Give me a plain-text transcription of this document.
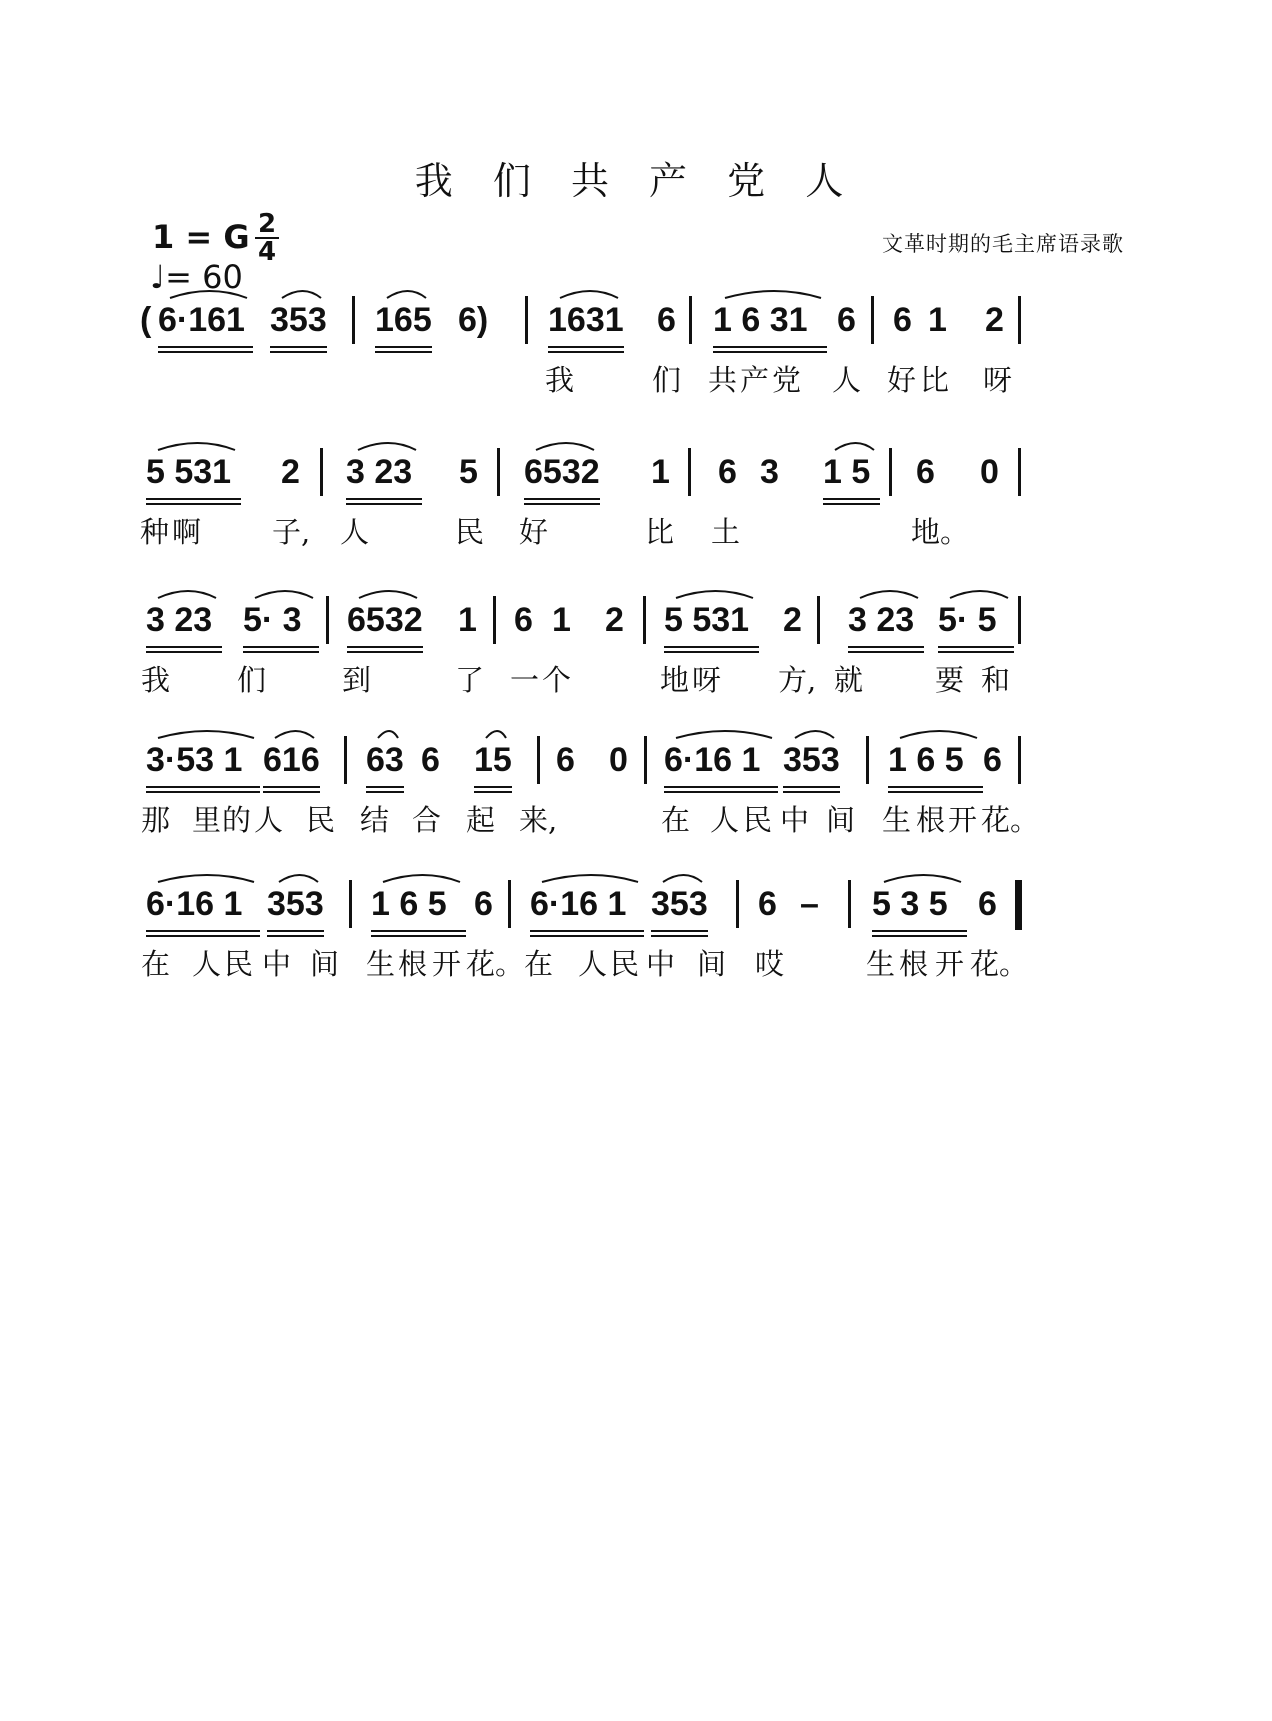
我 们 共 产 党 人
1 = G 2
4
♩= 60
文革时期的毛主席语录歌
( 6·161 353 165 6) 1631 6 1 6 31 6 6 1 2
我	们 共 产 党 人 好 比 呀
5 531 2 3 23 5 6532 1 6 3 1 5 6 0
种 啊 子, 人	民 好	比 土	地。
3 23 5· 3 6532 1 6 1 2 5 531 2 3 23 5· 5
我 们	到	了 一 个	地 呀 方, 就 要 和
3·53 1 616 63 6 15 6 0 6·16 1 353 1 6 5 6
那 里 的 人 民 结 合 起 来,	在 人 民 中 间 生 根 开 花。
6·16 1 353 1 6 5 6 6·16 1 353 6 – 5 3 5 6
在 人 民 中 间 生 根 开 花。 在 人 民 中 间 哎	生 根 开 花。
